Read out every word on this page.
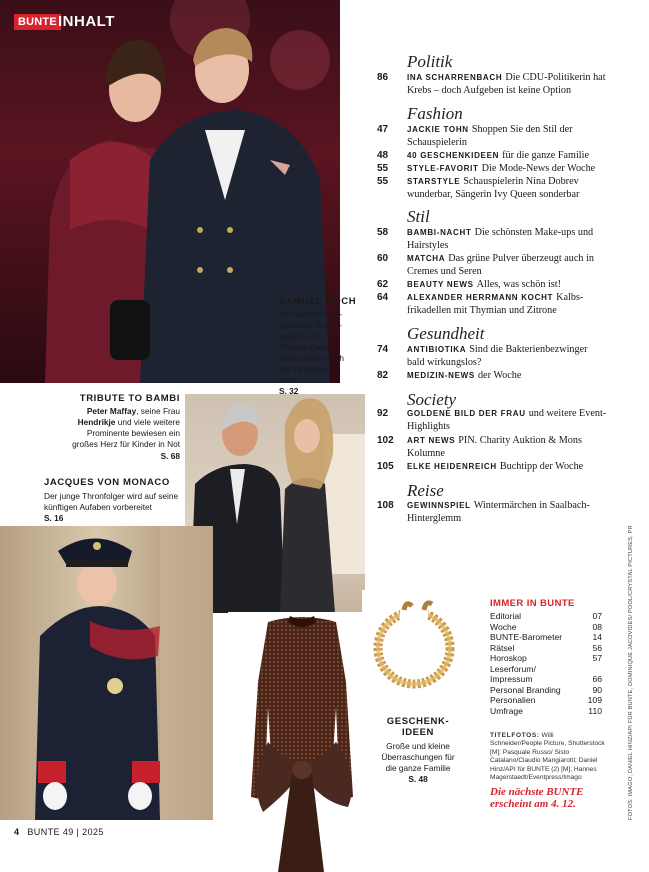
BUNTE INHALT
SAMUEL KOCH
Der querschnitts-gelähmte Schau-spieler und Ehefrau Sarah Elena freuen sich auf ihr erstes Kind
S. 32
TRIBUTE TO BAMBI
Peter Maffay, seine Frau Hendrikje und viele weitere Prominente bewiesen ein großes Herz für Kinder in Not
S. 68
JACQUES VON MONACO
Der junge Thronfolger wird auf seine künftigen Aufaben vorbereitet
S. 16
GESCHENK-
IDEEN
Große und kleine Überraschungen für die ganze Familie
S. 48
Politik
86 INA SCHARRENBACH Die CDU-Politikerin hat Krebs – doch Aufgeben ist keine Option
Fashion
47 JACKIE TOHN Shoppen Sie den Stil der Schauspielerin
48 40 GESCHENKIDEEN für die ganze Familie
55 STYLE-FAVORIT Die Mode-News der Woche
55 STARSTYLE Schauspielerin Nina Dobrev wunderbar, Sängerin Ivy Queen sonderbar
Stil
58 BAMBI-NACHT Die schönsten Make-ups und Hairstyles
60 MATCHA Das grüne Pulver überzeugt auch in Cremes und Seren
62 BEAUTY NEWS Alles, was schön ist!
64 ALEXANDER HERRMANN KOCHT Kalbs-frikadellen mit Thymian und Zitrone
Gesundheit
74 ANTIBIOTIKA Sind die Bakterienbezwinger bald wirkungslos?
82 MEDIZIN-NEWS der Woche
Society
92 GOLDENE BILD DER FRAU und weitere Event-Highlights
102 ART NEWS PIN. Charity Auktion & Mons Kolumne
105 ELKE HEIDENREICH Buchtipp der Woche
Reise
108 GEWINNSPIEL Wintermärchen in Saalbach- Hinterglemm
IMMER IN BUNTE
Editorial	07
Woche	08
BUNTE-Barometer	14
Rätsel	56
Horoskop	57
Leserforum/
Impressum	66
Personal Branding	90
Personalien	109
Umfrage	110
TITELFOTOS: Willi Schneider/People Picture, Shutterstock [M]; Pasquale Russo/ Sisto Catalano/Claudio Mangiarotti; Daniel Hinz/API für BUNTE (2) [M]; Hannes Magerstaedt/Eventpress/Imago
Die nächste BUNTE
erscheint am 4. 12.	FOTOS: IMAGO, DANIEL HINZ/API FÜR BUNTE, DOMINIQUE JACOVIDES/ POOL/CRYSTAL PICTURES, PR
4 BUNTE 49 | 2025
